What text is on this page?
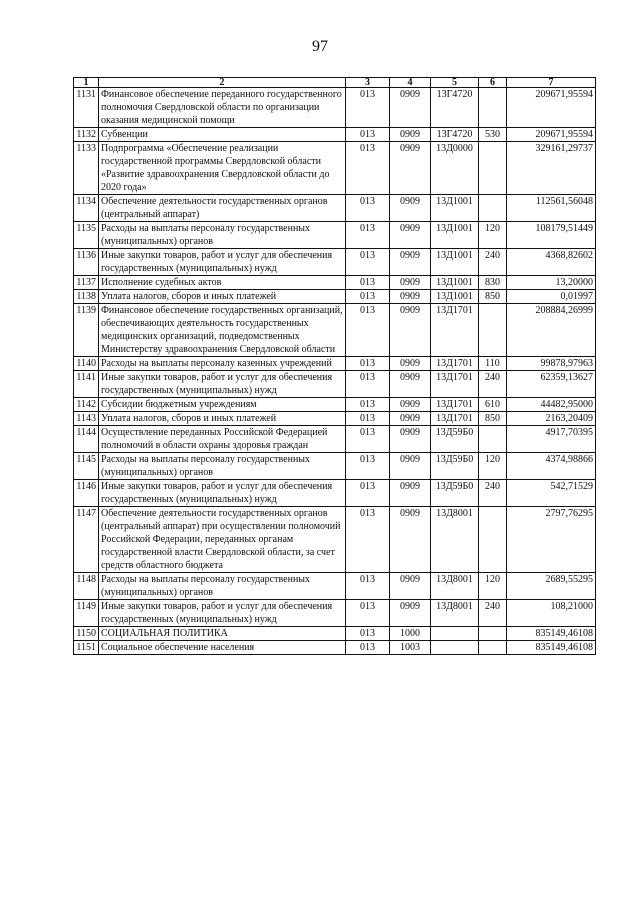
97
1	2	3	4	5	6	7
1131	Финансовое обеспечение переданного государственного полномочия Свердловской области по организации оказания медицинской помощи	013	0909	13Г4720		209671,95594
1132	Субвенции	013	0909	13Г4720	530	209671,95594
1133	Подпрограмма «Обеспечение реализации государственной программы Свердловской области «Развитие здравоохранения Свердловской области до 2020 года»	013	0909	13Д0000		329161,29737
1134	Обеспечение деятельности государственных органов (центральный аппарат)	013	0909	13Д1001		112561,56048
1135	Расходы на выплаты персоналу государственных (муниципальных) органов	013	0909	13Д1001	120	108179,51449
1136	Иные закупки товаров, работ и услуг для обеспечения государственных (муниципальных) нужд	013	0909	13Д1001	240	4368,82602
1137	Исполнение судебных актов	013	0909	13Д1001	830	13,20000
1138	Уплата налогов, сборов и иных платежей	013	0909	13Д1001	850	0,01997
1139	Финансовое обеспечение государственных организаций, обеспечивающих деятельность государственных медицинских организаций, подведомственных Министерству здравоохранения Свердловской области	013	0909	13Д1701		208884,26999
1140	Расходы на выплаты персоналу казенных учреждений	013	0909	13Д1701	110	99878,97963
1141	Иные закупки товаров, работ и услуг для обеспечения государственных (муниципальных) нужд	013	0909	13Д1701	240	62359,13627
1142	Субсидии бюджетным учреждениям	013	0909	13Д1701	610	44482,95000
1143	Уплата налогов, сборов и иных платежей	013	0909	13Д1701	850	2163,20409
1144	Осуществление переданных Российской Федерацией полномочий в области охраны здоровья граждан	013	0909	13Д59Б0		4917,70395
1145	Расходы на выплаты персоналу государственных (муниципальных) органов	013	0909	13Д59Б0	120	4374,98866
1146	Иные закупки товаров, работ и услуг для обеспечения государственных (муниципальных) нужд	013	0909	13Д59Б0	240	542,71529
1147	Обеспечение деятельности государственных органов (центральный аппарат) при осуществлении полномочий Российской Федерации, переданных органам государственной власти Свердловской области, за счет средств областного бюджета	013	0909	13Д8001		2797,76295
1148	Расходы на выплаты персоналу государственных (муниципальных) органов	013	0909	13Д8001	120	2689,55295
1149	Иные закупки товаров, работ и услуг для обеспечения государственных (муниципальных) нужд	013	0909	13Д8001	240	108,21000
1150	СОЦИАЛЬНАЯ ПОЛИТИКА	013	1000			835149,46108
1151	Социальное обеспечение населения	013	1003			835149,46108
